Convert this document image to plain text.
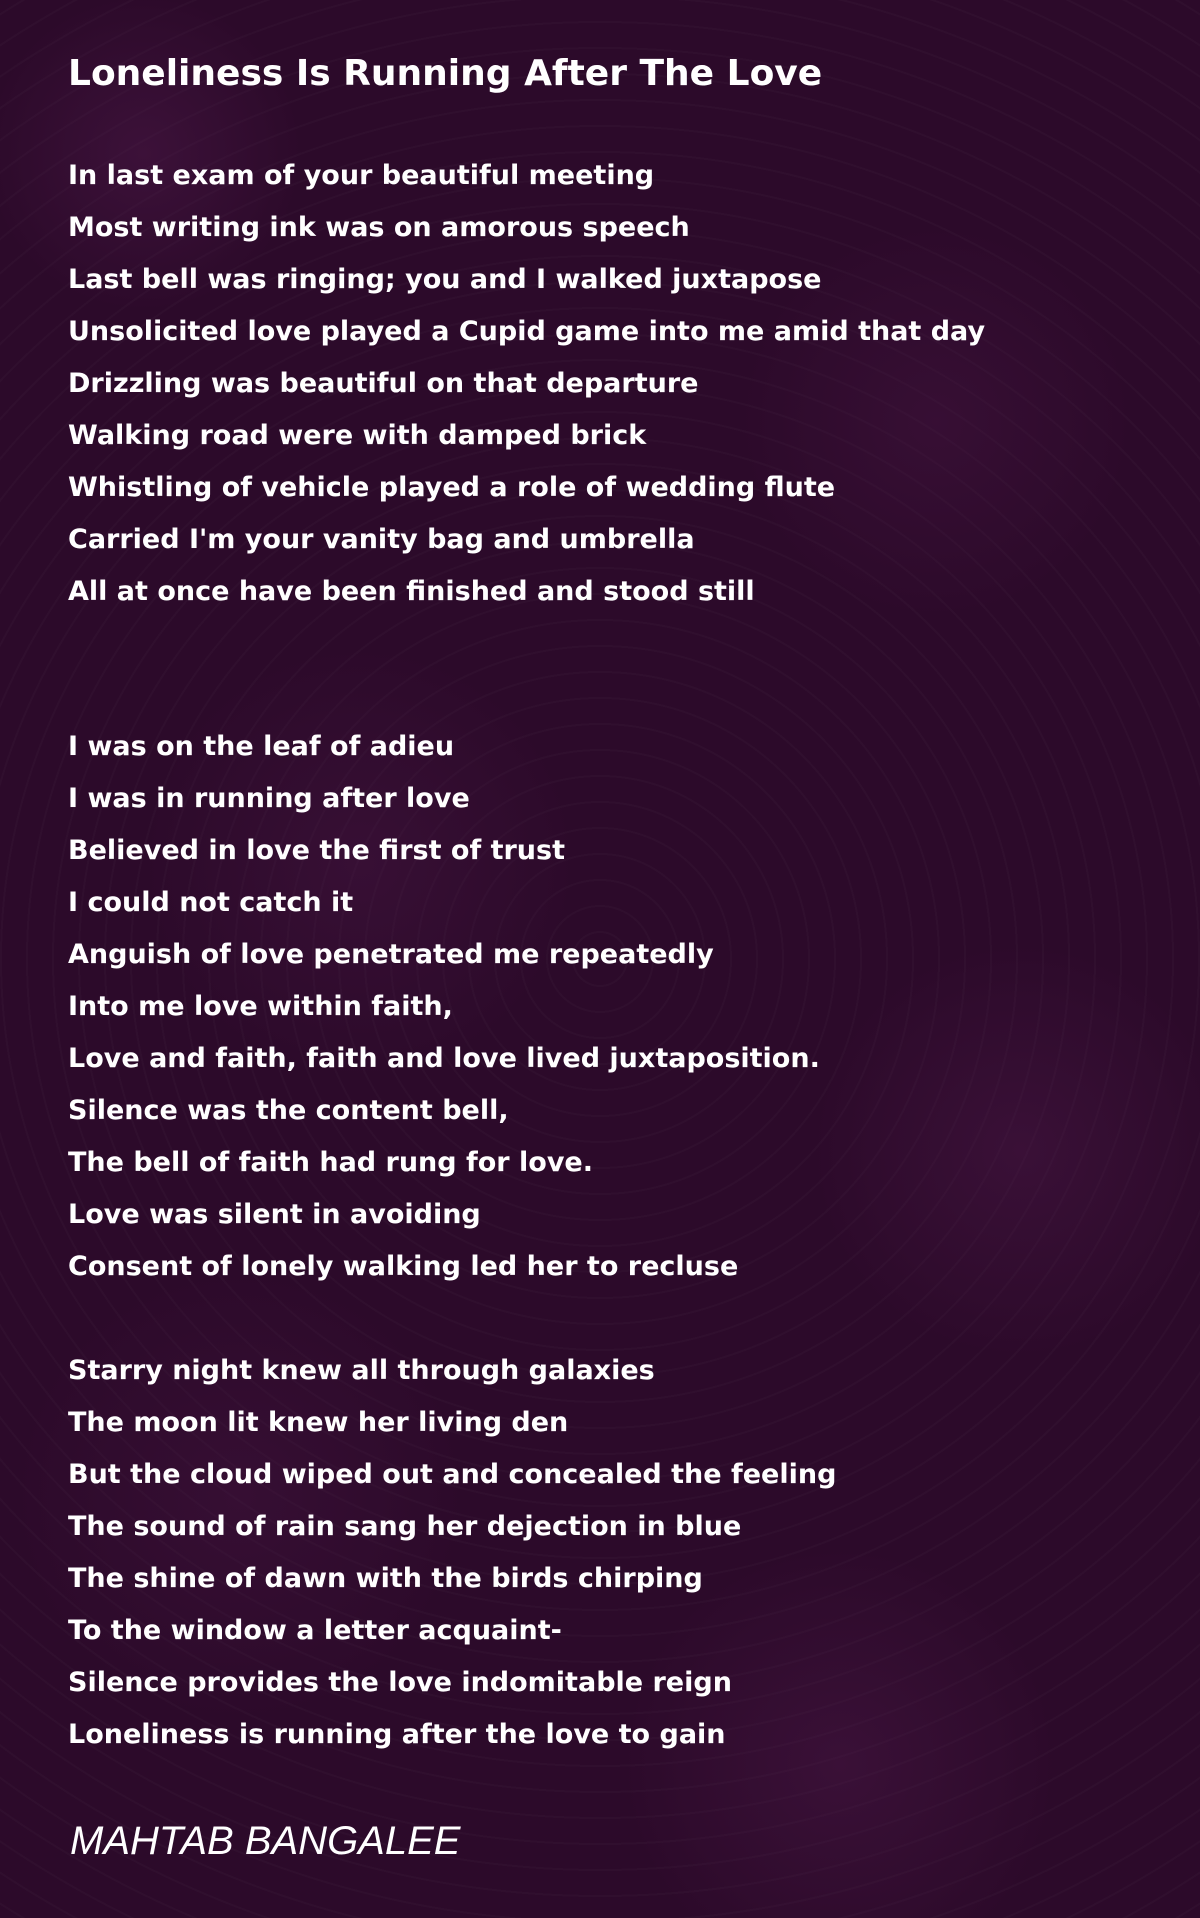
Loneliness Is Running After The Love
In last exam of your beautiful meeting
Most writing ink was on amorous speech
Last bell was ringing; you and I walked juxtapose
Unsolicited love played a Cupid game into me amid that day
Drizzling was beautiful on that departure
Walking road were with damped brick
Whistling of vehicle played a role of wedding flute
Carried I'm your vanity bag and umbrella
All at once have been finished and stood still
I was on the leaf of adieu
I was in running after love
Believed in love the first of trust
I could not catch it
Anguish of love penetrated me repeatedly
Into me love within faith,
Love and faith, faith and love lived juxtaposition.
Silence was the content bell,
The bell of faith had rung for love.
Love was silent in avoiding
Consent of lonely walking led her to recluse
Starry night knew all through galaxies
The moon lit knew her living den
But the cloud wiped out and concealed the feeling
The sound of rain sang her dejection in blue
The shine of dawn with the birds chirping
To the window a letter acquaint-
Silence provides the love indomitable reign
Loneliness is running after the love to gain

MAHTAB BANGALEE
